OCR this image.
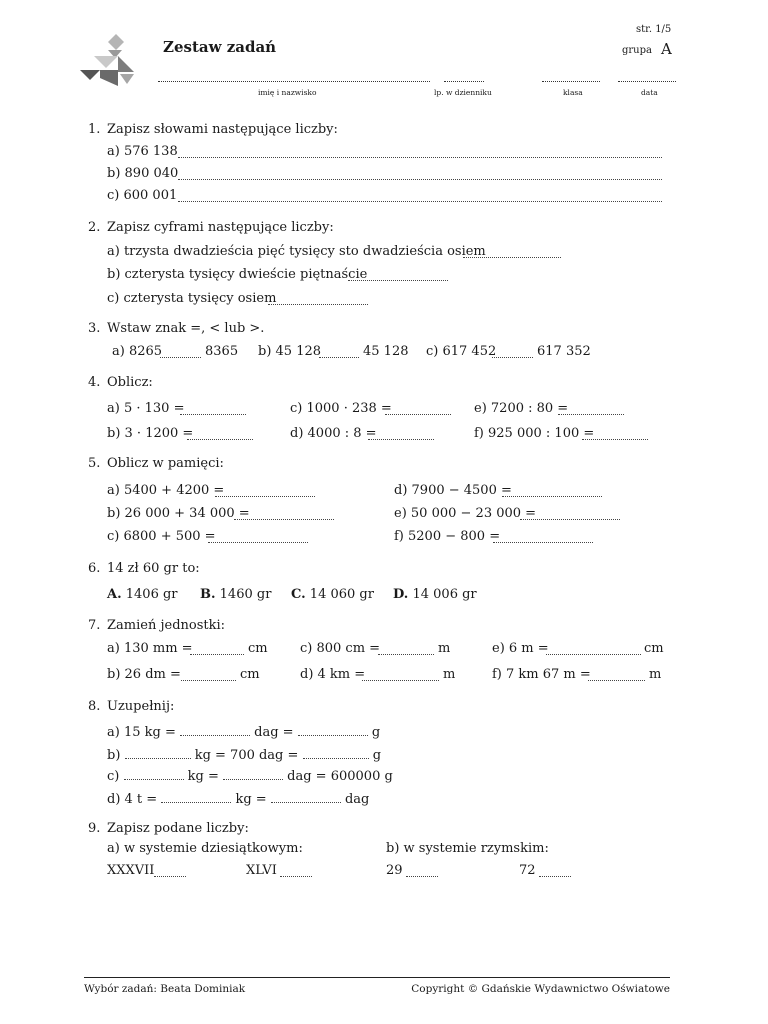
Zestaw zadań
str. 1/5
grupa A
imię i nazwisko	lp. w dzienniku	klasa	data
1. Zapisz słowami następujące liczby:
a) 576 138
b) 890 040
c) 600 001
2. Zapisz cyframi następujące liczby:
a) trzysta dwadzieścia pięć tysięcy sto dwadzieścia osiem
b) czterysta tysięcy dwieście piętnaście
c) czterysta tysięcy osiem
3. Wstaw znak =, < lub >.
a) 8265	8365 b) 45 128	45 128 c) 617 452	617 352
4. Oblicz:
a) 5 · 130 =	c) 1000 · 238 =	e) 7200 : 80 =
b) 3 · 1200 =	d) 4000 : 8 =	f) 925 000 : 100 =
5. Oblicz w pamięci:
a) 5400 + 4200 =	d) 7900 − 4500 =
b) 26 000 + 34 000 =	e) 50 000 − 23 000 =
c) 6800 + 500 =	f) 5200 − 800 =
6. 14 zł 60 gr to:
A. 1406 gr B. 1460 gr C. 14 060 gr D. 14 006 gr
7. Zamień jednostki:
a) 130 mm =	cm c) 800 cm =	m	e) 6 m =	cm
b) 26 dm =	cm	d) 4 km =	m	f) 7 km 67 m =	m
8. Uzupełnij:
a) 15 kg =	dag =	g
b)	kg = 700 dag =	g
c)	kg =	dag = 600000 g
d) 4 t =	kg =	dag
9. Zapisz podane liczby:
a) w systemie dziesiątkowym:	b) w systemie rzymskim:
XXXVII	XLVI	29	72
Wybór zadań: Beata Dominiak	Copyright © Gdańskie Wydawnictwo Oświatowe
